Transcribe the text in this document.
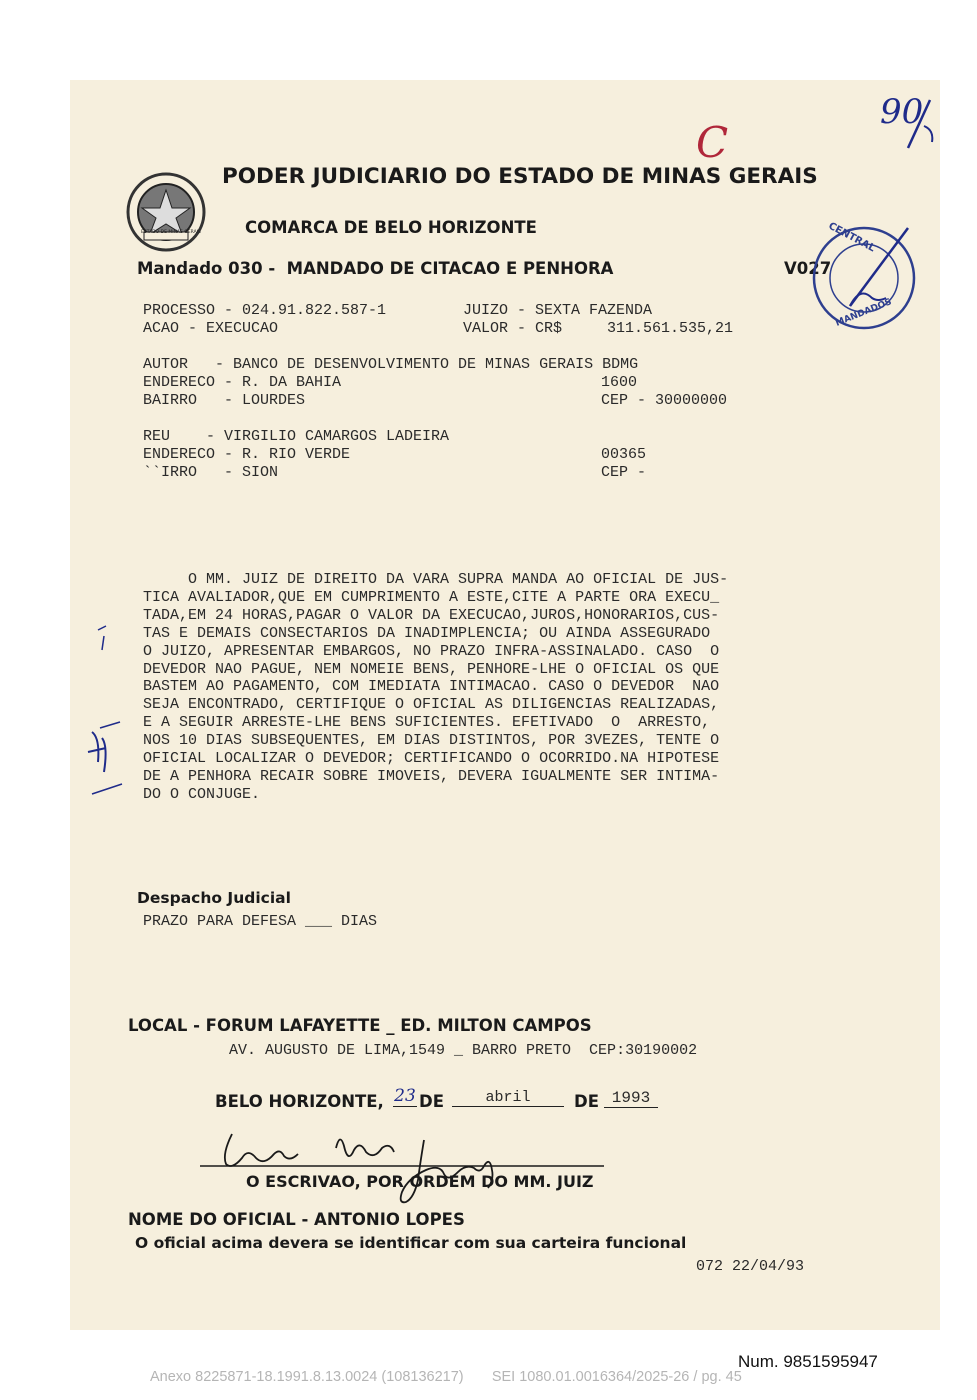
90
C
ESTADO DE MINAS GERAIS
PODER JUDICIARIO DO ESTADO DE MINAS GERAIS
COMARCA DE BELO HORIZONTE
Mandado 030 -  MANDADO DE CITACAO E PENHORA	V027
CENTRAL
MANDADOS
PROCESSO - 024.91.822.587-1	JUIZO - SEXTA FAZENDA
ACAO - EXECUCAO	VALOR - CR$     311.561.535,21
AUTOR   - BANCO DE DESENVOLVIMENTO DE MINAS GERAIS BDMG
ENDERECO - R. DA BAHIA	1600
BAIRRO   - LOURDES	CEP - 30000000
REU    - VIRGILIO CAMARGOS LADEIRA
ENDERECO - R. RIO VERDE	00365
``IRRO   - SION	CEP -
O MM. JUIZ DE DIREITO DA VARA SUPRA MANDA AO OFICIAL DE JUS-
TICA AVALIADOR,QUE EM CUMPRIMENTO A ESTE,CITE A PARTE ORA EXECU_
TADA,EM 24 HORAS,PAGAR O VALOR DA EXECUCAO,JUROS,HONORARIOS,CUS-
TAS E DEMAIS CONSECTARIOS DA INADIMPLENCIA; OU AINDA ASSEGURADO
O JUIZO, APRESENTAR EMBARGOS, NO PRAZO INFRA-ASSINALADO. CASO  O
DEVEDOR NAO PAGUE, NEM NOMEIE BENS, PENHORE-LHE O OFICIAL OS QUE
BASTEM AO PAGAMENTO, COM IMEDIATA INTIMACAO. CASO O DEVEDOR  NAO
SEJA ENCONTRADO, CERTIFIQUE O OFICIAL AS DILIGENCIAS REALIZADAS,
E A SEGUIR ARRESTE-LHE BENS SUFICIENTES. EFETIVADO  O  ARRESTO,
NOS 10 DIAS SUBSEQUENTES, EM DIAS DISTINTOS, POR 3VEZES, TENTE O
OFICIAL LOCALIZAR O DEVEDOR; CERTIFICANDO O OCORRIDO.NA HIPOTESE
DE A PENHORA RECAIR SOBRE IMOVEIS, DEVERA IGUALMENTE SER INTIMA-
DO O CONJUGE.
Despacho Judicial
PRAZO PARA DEFESA ___ DIAS
LOCAL - FORUM LAFAYETTE _ ED. MILTON CAMPOS
AV. AUGUSTO DE LIMA,1549 _ BARRO PRETO  CEP:30190002
BELO HORIZONTE, 23 DE	abril	DE 1993
O ESCRIVAO, POR ORDEM DO MM. JUIZ
NOME DO OFICIAL - ANTONIO LOPES
O oficial acima devera se identificar com sua carteira funcional
072 22/04/93
Num. 9851595947
Anexo 8225871-18.1991.8.13.0024 (108136217)       SEI 1080.01.0016364/2025-26 / pg. 45
